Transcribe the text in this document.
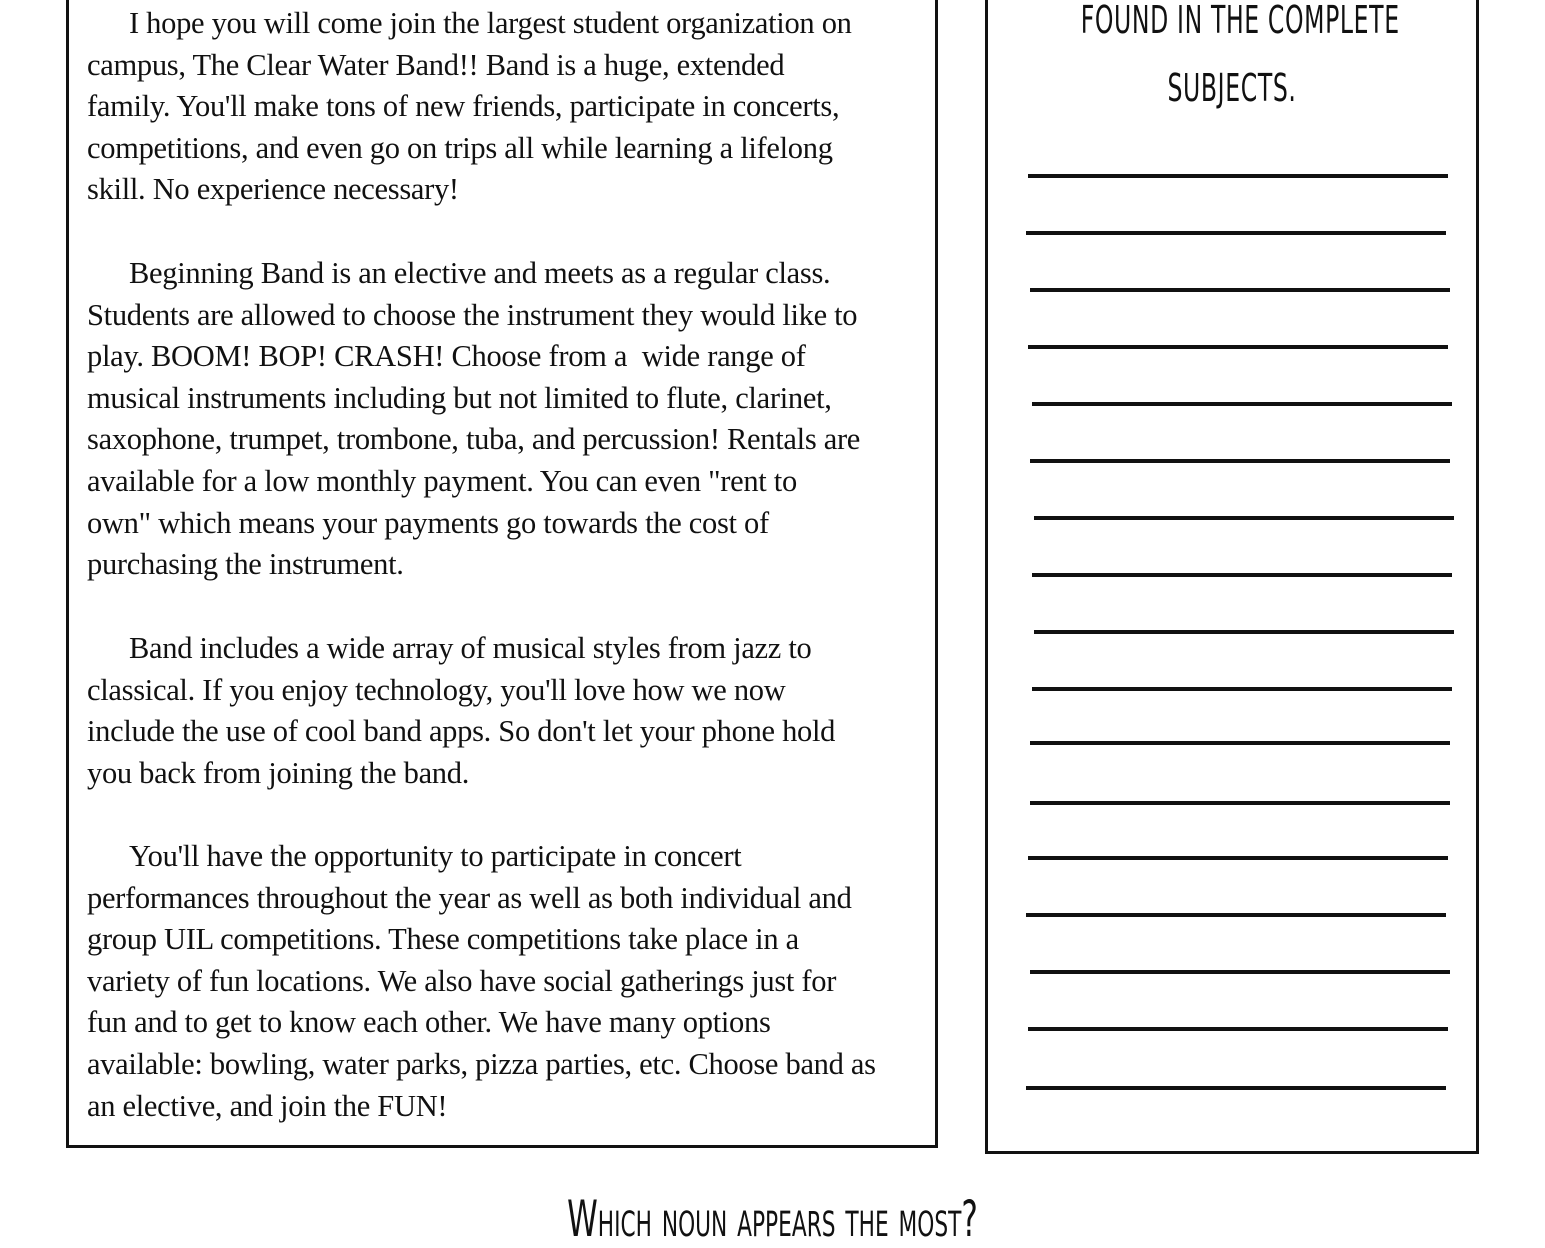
I hope you will come join the largest student organization on
campus, The Clear Water Band!! Band is a huge, extended
family. You'll make tons of new friends, participate in concerts,
competitions, and even go on trips all while learning a lifelong
skill. No experience necessary!
Beginning Band is an elective and meets as a regular class.
Students are allowed to choose the instrument they would like to
play. BOOM! BOP! CRASH! Choose from a  wide range of
musical instruments including but not limited to flute, clarinet,
saxophone, trumpet, trombone, tuba, and percussion! Rentals are
available for a low monthly payment. You can even "rent to
own" which means your payments go towards the cost of
purchasing the instrument.
Band includes a wide array of musical styles from jazz to
classical. If you enjoy technology, you'll love how we now
include the use of cool band apps. So don't let your phone hold
you back from joining the band.
You'll have the opportunity to participate in concert
performances throughout the year as well as both individual and
group UIL competitions. These competitions take place in a
variety of fun locations. We also have social gatherings just for
fun and to get to know each other. We have many options
available: bowling, water parks, pizza parties, etc. Choose band as
an elective, and join the FUN!

FOUND IN THE COMPLETE

SUBJECTS.

Which noun appears the most?
